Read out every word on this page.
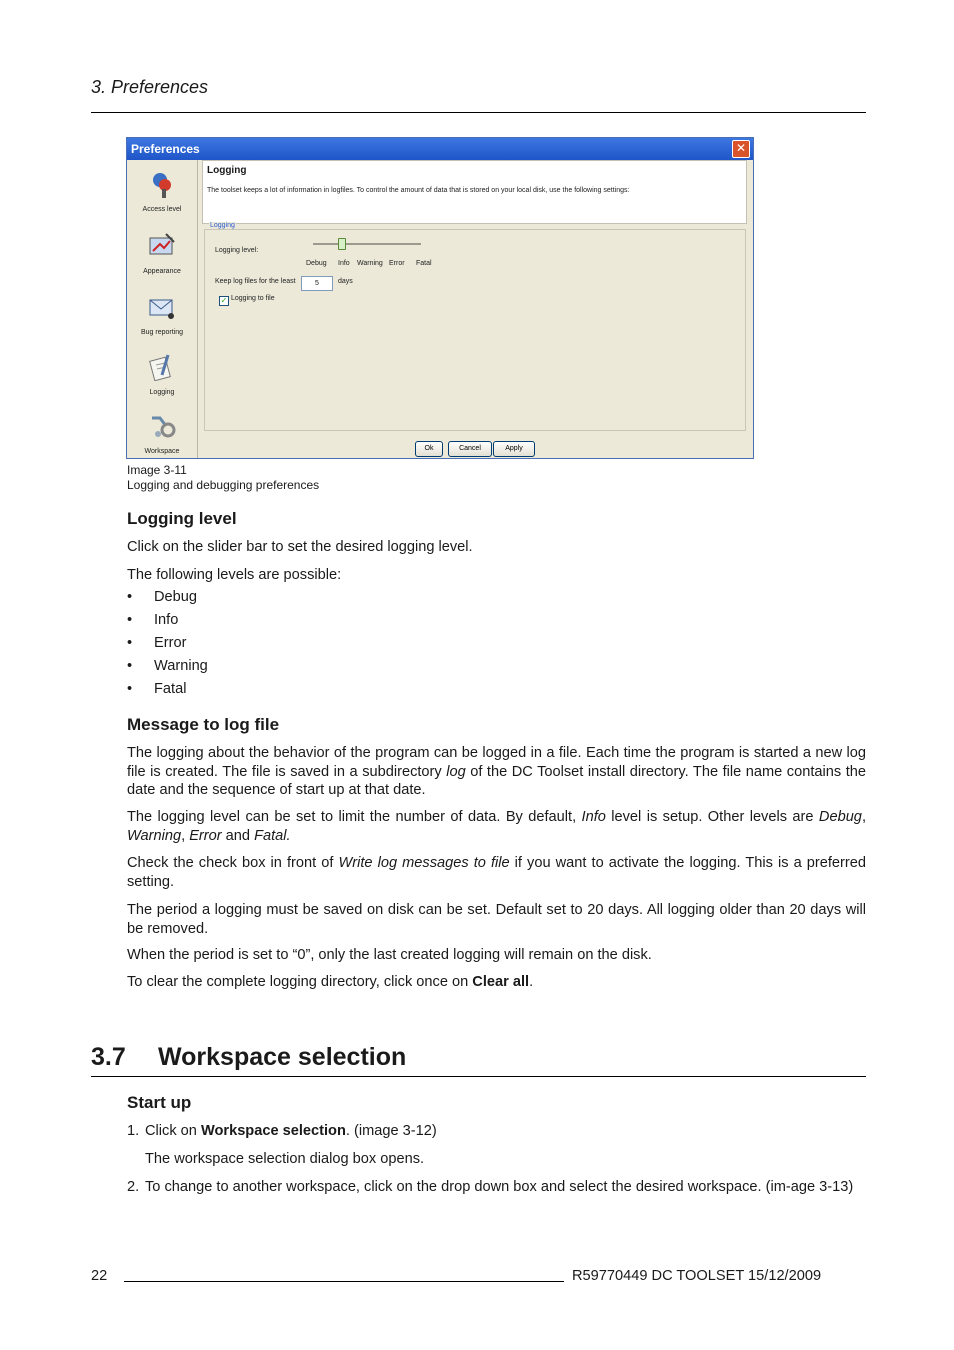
3. Preferences
Preferences	✕
Access level
Appearance
Bug reporting
Logging
Workspace
Logging
The toolset keeps a lot of information in logfiles. To control the amount of data that is stored on your local disk, use the following settings:
Logging
Logging level:
Debug Info Warning Error Fatal
Keep log files for the least	5	days
✓ Logging to file
Ok	Cancel	Apply
Image 3-11
Logging and debugging preferences
Logging level

Click on the slider bar to set the desired logging level.

The following levels are possible:

• Debug
• Info
• Error
• Warning
• Fatal
Message to log file

The logging about the behavior of the program can be logged in a file. Each time the program is started a new log file is created. The file is saved in a subdirectory log of the DC Toolset install directory. The file name contains the date and the sequence of start up at that date.

The logging level can be set to limit the number of data. By default, Info level is setup. Other levels are Debug, Warning, Error and Fatal.

Check the check box in front of Write log messages to file if you want to activate the logging. This is a preferred setting.

The period a logging must be saved on disk can be set. Default set to 20 days. All logging older than 20 days will be removed.

When the period is set to “0”, only the last created logging will remain on the disk.

To clear the complete logging directory, click once on Clear all.

3.7 Workspace selection
Start up
1. Click on Workspace selection. (image 3-12)
The workspace selection dialog box opens.
2. To change to another workspace, click on the drop down box and select the desired workspace. (im-age 3-13)
22	R59770449 DC TOOLSET 15/12/2009
